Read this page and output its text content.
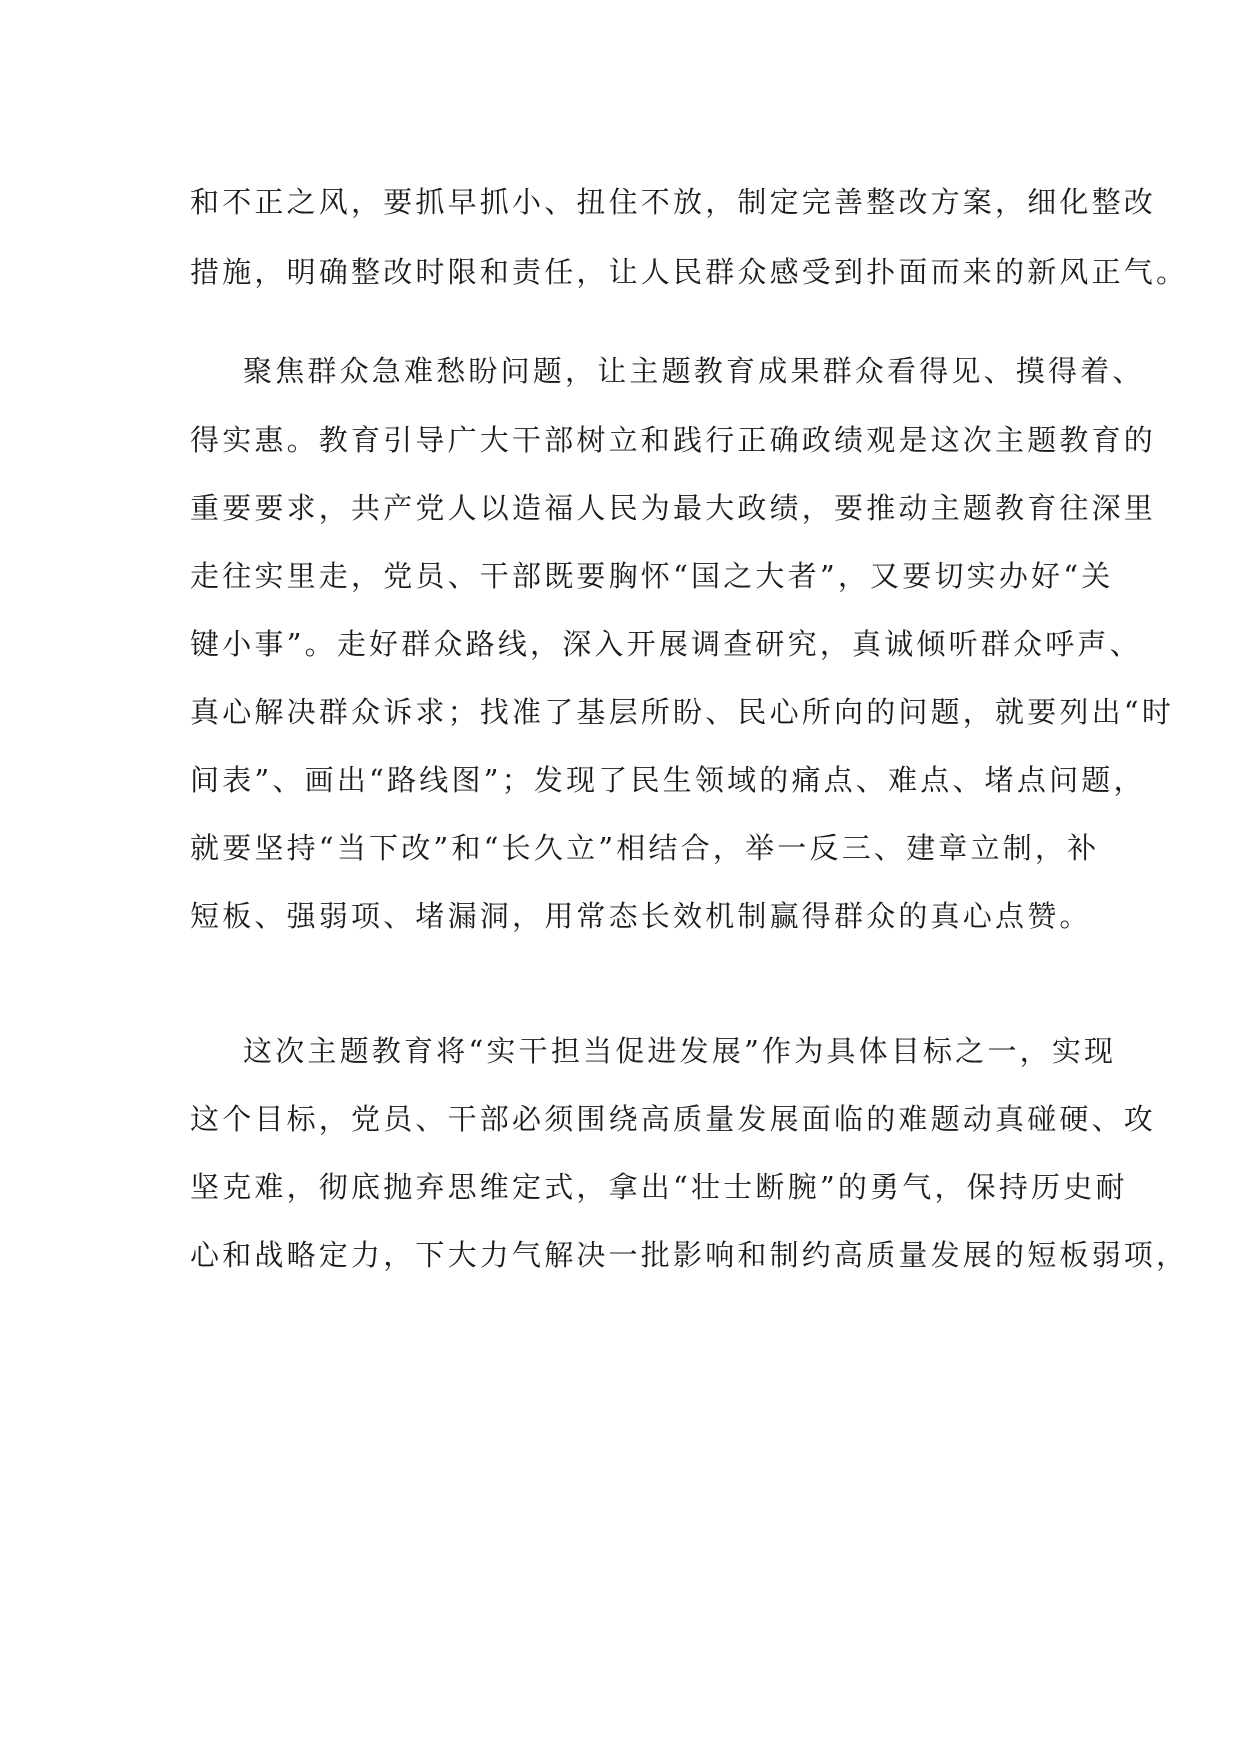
和不正之风，要抓早抓小、扭住不放，制定完善整改方案，细化整改
措施，明确整改时限和责任，让人民群众感受到扑面而来的新风正气。
聚焦群众急难愁盼问题，让主题教育成果群众看得见、摸得着、
得实惠。教育引导广大干部树立和践行正确政绩观是这次主题教育的
重要要求，共产党人以造福人民为最大政绩，要推动主题教育往深里
走往实里走，党员、干部既要胸怀“国之大者”，又要切实办好“关
键小事”。走好群众路线，深入开展调查研究，真诚倾听群众呼声、
真心解决群众诉求；找准了基层所盼、民心所向的问题，就要列出“时
间表”、画出“路线图”；发现了民生领域的痛点、难点、堵点问题，
就要坚持“当下改”和“长久立”相结合，举一反三、建章立制，补
短板、强弱项、堵漏洞，用常态长效机制赢得群众的真心点赞。
这次主题教育将“实干担当促进发展”作为具体目标之一，实现
这个目标，党员、干部必须围绕高质量发展面临的难题动真碰硬、攻
坚克难，彻底抛弃思维定式，拿出“壮士断腕”的勇气，保持历史耐
心和战略定力，下大力气解决一批影响和制约高质量发展的短板弱项，
